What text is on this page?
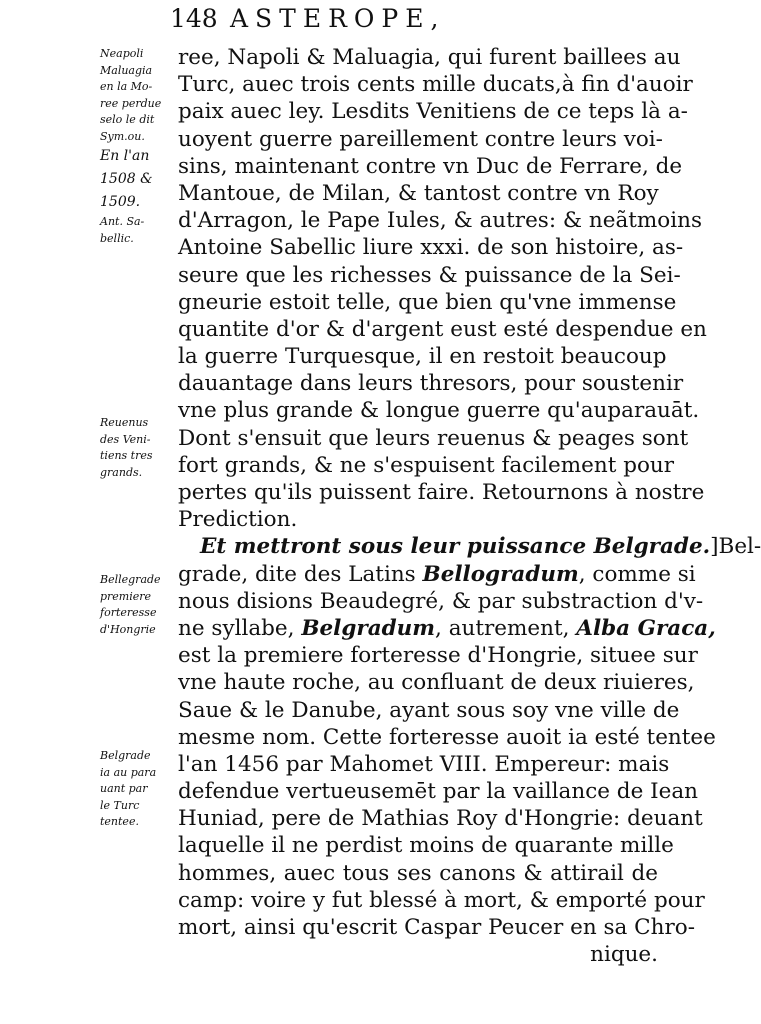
148 ASTEROPE,
Neapoli
Maluagia
en la Mo-
ree perdue
selo le dit
Sym.ou.
En l'an
1508 &
1509.
Ant. Sa-
bellic.
Reuenus
des Veni-
tiens tres
grands.
Bellegrade
premiere
forteresse
d'Hongrie
Belgrade
ia au para
uant par
le Turc
tentee.
ree, Napoli & Maluagia, qui furent baillees au
Turc, auec trois cents mille ducats,à fin d'auoir
paix auec ley. Lesdits Venitiens de ce teps là a-
uoyent guerre pareillement contre leurs voi-
sins, maintenant contre vn Duc de Ferrare, de
Mantoue, de Milan, & tantost contre vn Roy
d'Arragon, le Pape Iules, & autres: & neãtmoins
Antoine Sabellic liure xxxi. de son histoire, as-
seure que les richesses & puissance de la Sei-
gneurie estoit telle, que bien qu'vne immense
quantite d'or & d'argent eust esté despendue en
la guerre Turquesque, il en restoit beaucoup
dauantage dans leurs thresors, pour soustenir
vne plus grande & longue guerre qu'auparauāt.
Dont s'ensuit que leurs reuenus & peages sont
fort grands, & ne s'espuisent facilement pour
pertes qu'ils puissent faire. Retournons à nostre
Prediction.
Et mettront sous leur puissance Belgrade.]Bel-
grade, dite des Latins Bellogradum, comme si
nous disions Beaudegré, & par substraction d'v-
ne syllabe, Belgradum, autrement, Alba Graca,
est la premiere forteresse d'Hongrie, situee sur
vne haute roche, au confluant de deux riuieres,
Saue & le Danube, ayant sous soy vne ville de
mesme nom. Cette forteresse auoit ia esté tentee
l'an 1456 par Mahomet VIII. Empereur: mais
defendue vertueusemēt par la vaillance de Iean
Huniad, pere de Mathias Roy d'Hongrie: deuant
laquelle il ne perdist moins de quarante mille
hommes, auec tous ses canons & attirail de
camp: voire y fut blessé à mort, & emporté pour
mort, ainsi qu'escrit Caspar Peucer en sa Chro-
nique.
